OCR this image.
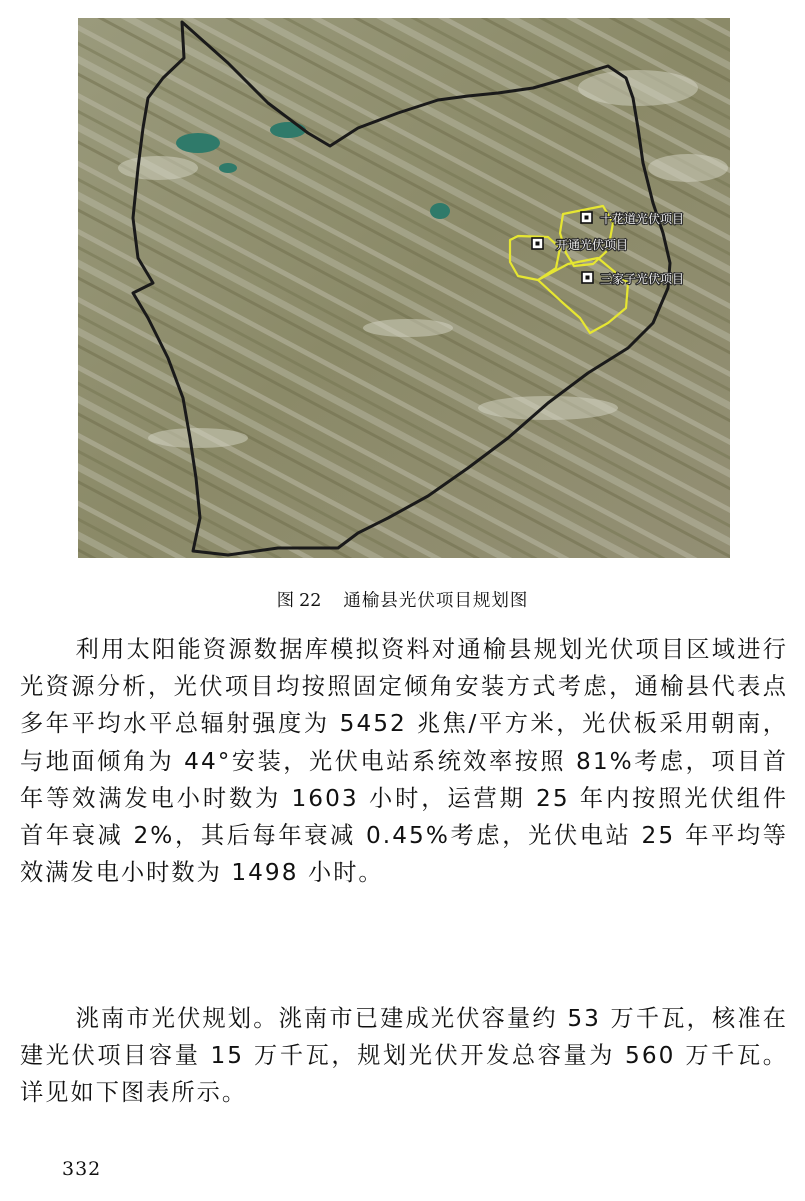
十花道光伏项目
开通光伏项目
三家子光伏项目
图 22 通榆县光伏项目规划图

利用太阳能资源数据库模拟资料对通榆县规划光伏项目区域进行光资源分析，光伏项目均按照固定倾角安装方式考虑，通榆县代表点多年平均水平总辐射强度为 5452 兆焦/平方米，光伏板采用朝南，与地面倾角为 44°安装，光伏电站系统效率按照 81%考虑，项目首年等效满发电小时数为 1603 小时，运营期 25 年内按照光伏组件首年衰减 2%，其后每年衰减 0.45%考虑，光伏电站 25 年平均等效满发电小时数为 1498 小时。

洮南市光伏规划。洮南市已建成光伏容量约 53 万千瓦，核准在建光伏项目容量 15 万千瓦，规划光伏开发总容量为 560 万千瓦。详见如下图表所示。

332
